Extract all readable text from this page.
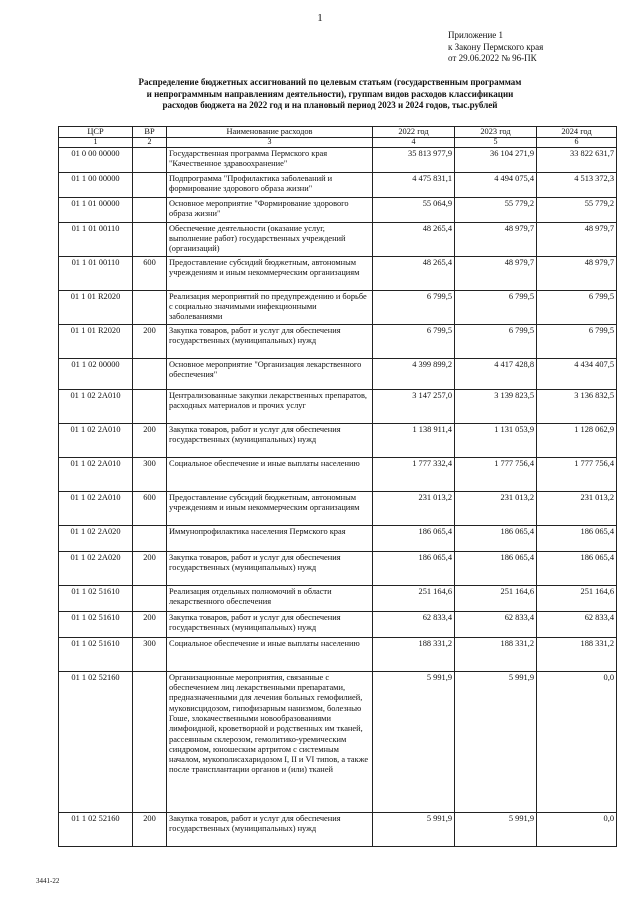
1
Приложение 1
к Закону Пермского края
от 29.06.2022 № 96-ПК
Распределение бюджетных ассигнований по целевым статьям (государственным программам
и непрограммным направлениям деятельности), группам видов расходов классификации
расходов бюджета на 2022 год и на плановый период 2023 и 2024 годов, тыс.рублей
ЦСР	ВР	Наименование расходов	2022 год	2023 год	2024 год
1	2	3	4	5	6
01 0 00 00000		Государственная программа Пермского края "Качественное здравоохранение"	35 813 977,9	36 104 271,9	33 822 631,7
01 1 00 00000		Подпрограмма "Профилактика заболеваний и формирование здорового образа жизни"	4 475 831,1	4 494 075,4	4 513 372,3
01 1 01 00000		Основное мероприятие "Формирование здорового образа жизни"	55 064,9	55 779,2	55 779,2
01 1 01 00110		Обеспечение деятельности (оказание услуг, выполнение работ) государственных учреждений (организаций)	48 265,4	48 979,7	48 979,7
01 1 01 00110	600	Предоставление субсидий бюджетным, автономным учреждениям и иным некоммерческим организациям	48 265,4	48 979,7	48 979,7
01 1 01 R2020		Реализация мероприятий по предупреждению и борьбе с социально значимыми инфекционными заболеваниями	6 799,5	6 799,5	6 799,5
01 1 01 R2020	200	Закупка товаров, работ и услуг для обеспечения государственных (муниципальных) нужд	6 799,5	6 799,5	6 799,5
01 1 02 00000		Основное мероприятие "Организация лекарственного обеспечения"	4 399 899,2	4 417 428,8	4 434 407,5
01 1 02 2А010		Централизованные закупки лекарственных препаратов, расходных материалов и прочих услуг	3 147 257,0	3 139 823,5	3 136 832,5
01 1 02 2А010	200	Закупка товаров, работ и услуг для обеспечения государственных (муниципальных) нужд	1 138 911,4	1 131 053,9	1 128 062,9
01 1 02 2А010	300	Социальное обеспечение и иные выплаты населению	1 777 332,4	1 777 756,4	1 777 756,4
01 1 02 2А010	600	Предоставление субсидий бюджетным, автономным учреждениям и иным некоммерческим организациям	231 013,2	231 013,2	231 013,2
01 1 02 2А020		Иммунопрофилактика населения Пермского края	186 065,4	186 065,4	186 065,4
01 1 02 2А020	200	Закупка товаров, работ и услуг для обеспечения государственных (муниципальных) нужд	186 065,4	186 065,4	186 065,4
01 1 02 51610		Реализация отдельных полномочий в области лекарственного обеспечения	251 164,6	251 164,6	251 164,6
01 1 02 51610	200	Закупка товаров, работ и услуг для обеспечения государственных (муниципальных) нужд	62 833,4	62 833,4	62 833,4
01 1 02 51610	300	Социальное обеспечение и иные выплаты населению	188 331,2	188 331,2	188 331,2
01 1 02 52160		Организационные мероприятия, связанные с обеспечением лиц лекарственными препаратами, предназначенными для лечения больных гемофилией, муковисцидозом, гипофизарным нанизмом, болезнью Гоше, злокачественными новообразованиями лимфоидной, кроветворной и родственных им тканей, рассеянным склерозом, гемолитико-уремическим синдромом, юношеским артритом с системным началом, мукополисахаридозом I, II и VI типов, а также после трансплантации органов и (или) тканей	5 991,9	5 991,9	0,0
01 1 02 52160	200	Закупка товаров, работ и услуг для обеспечения государственных (муниципальных) нужд	5 991,9	5 991,9	0,0
3441-22
